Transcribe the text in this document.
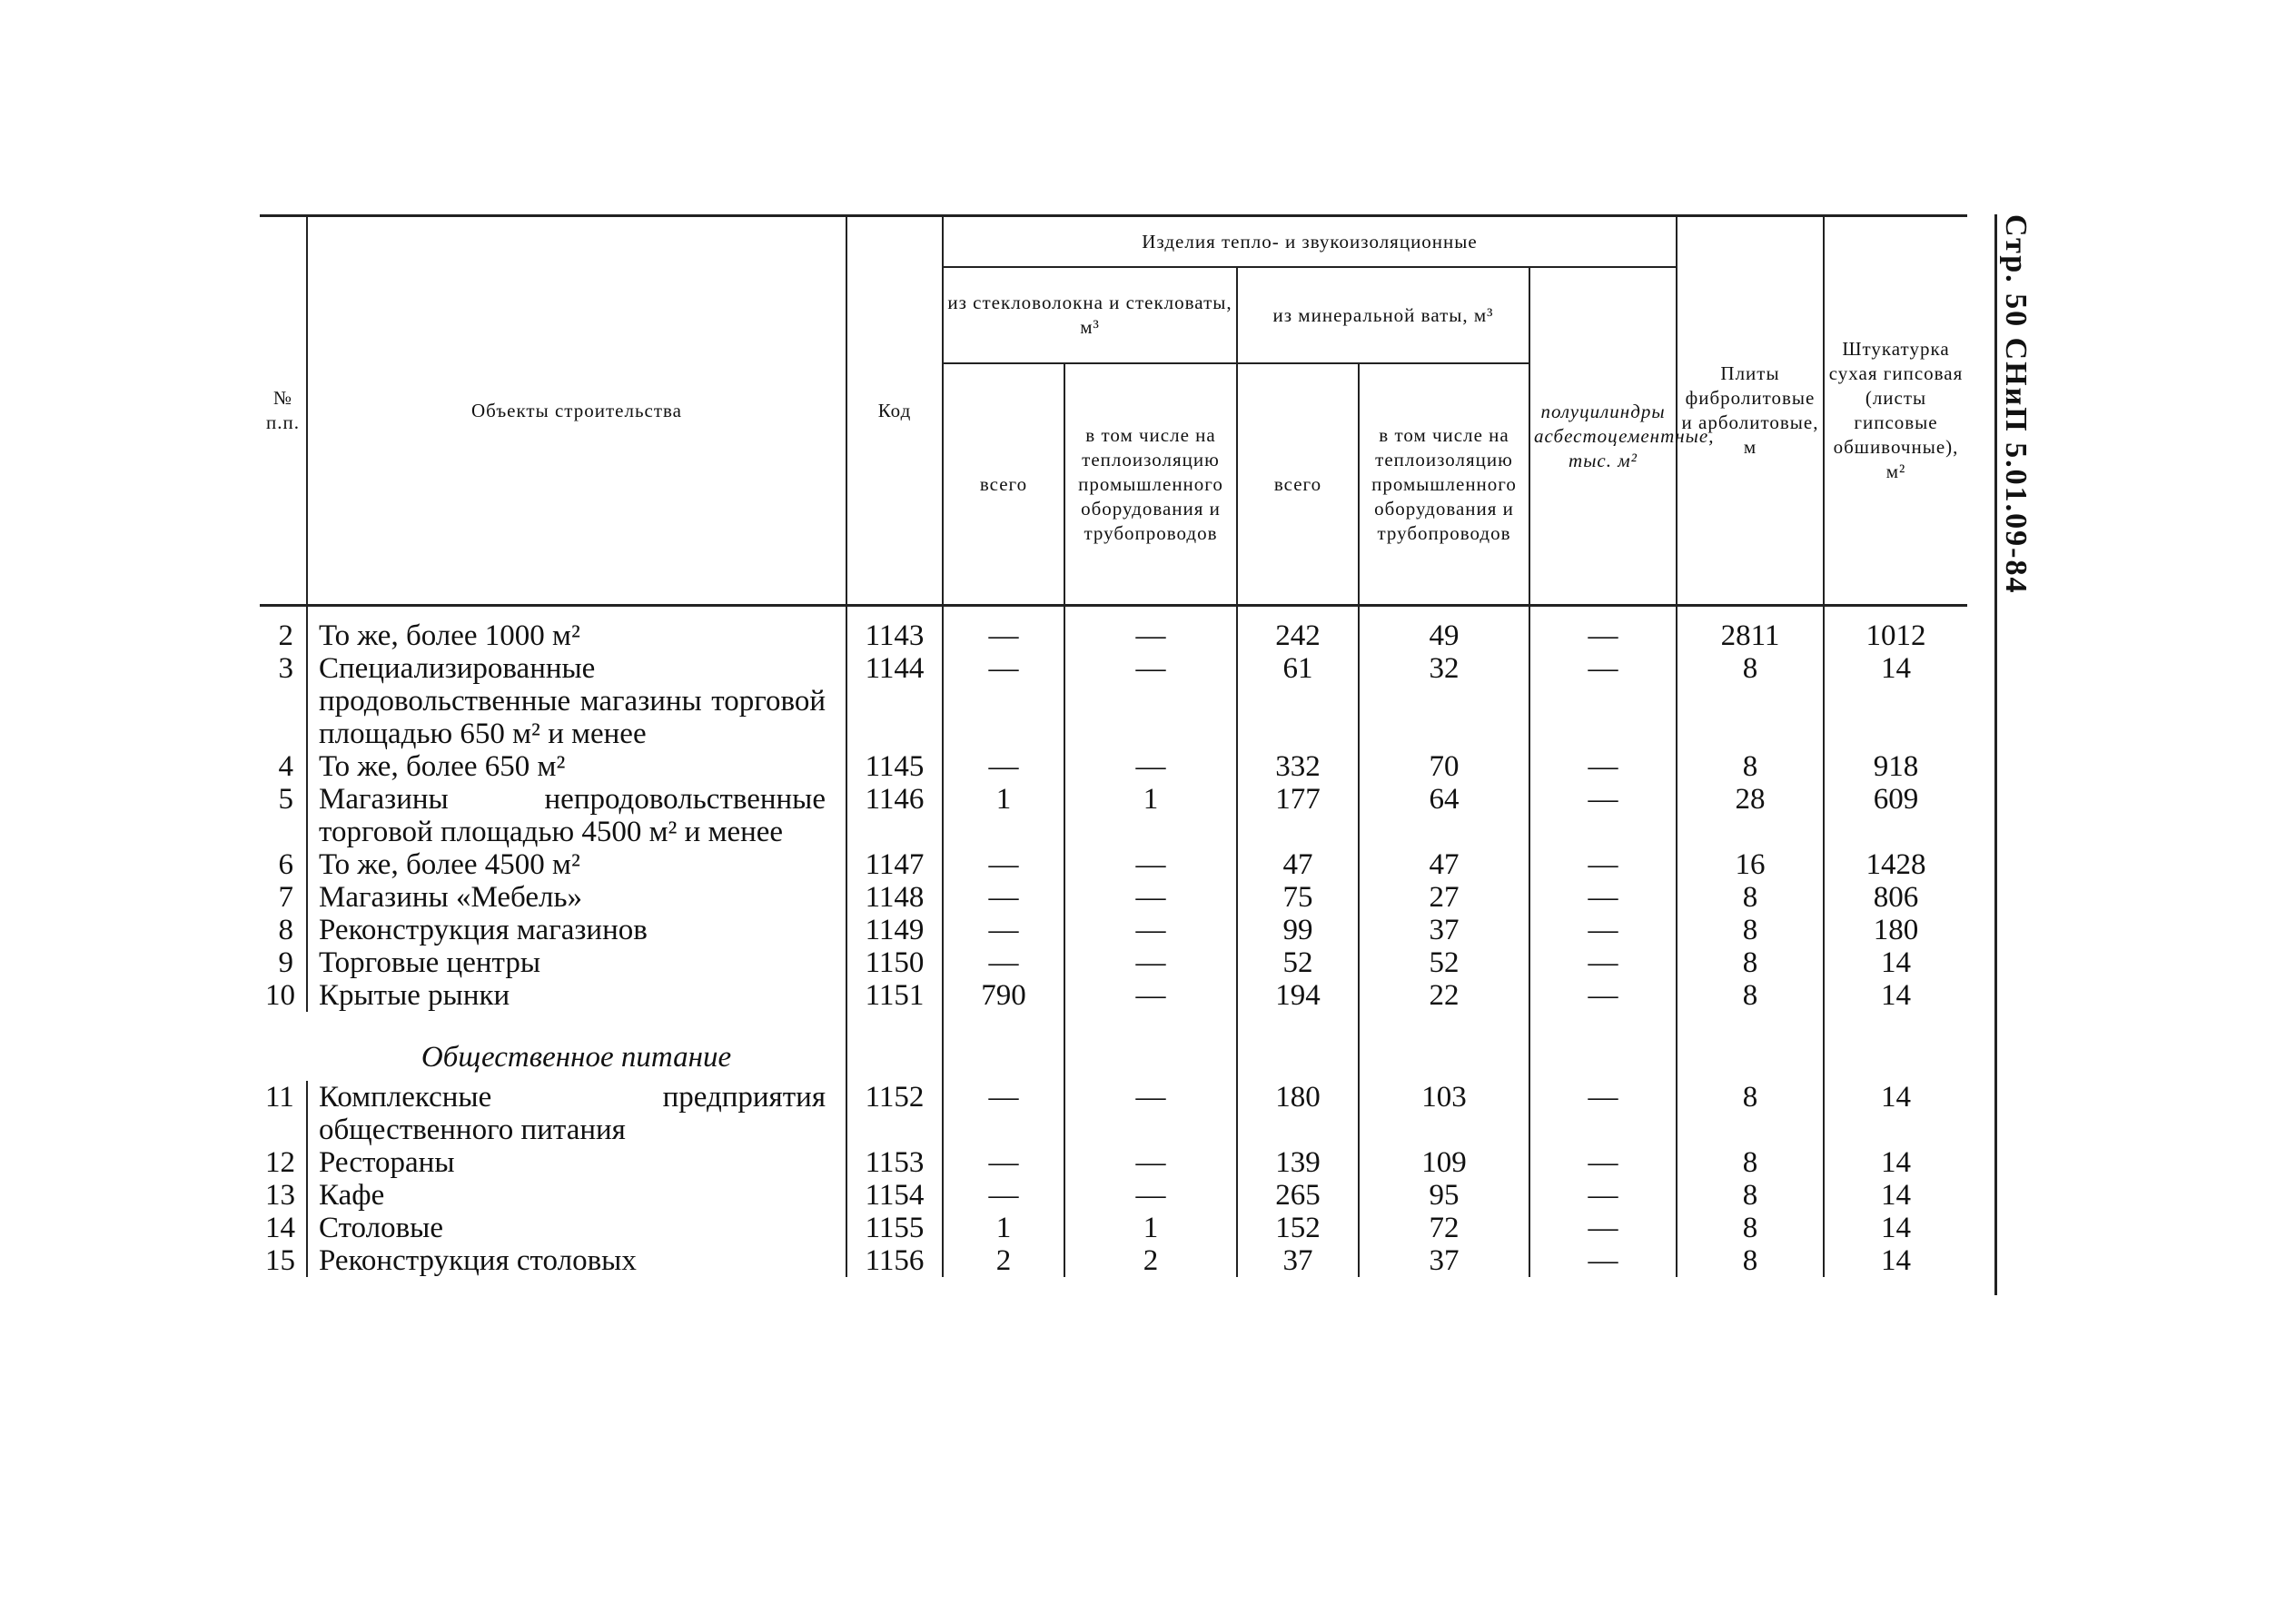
№ п.п.	Объекты строительства	Код	Изделия тепло- и звукоизоляционные					Плиты фибролитовые и арболитовые, м	Штукатурка сухая гипсовая (листы гипсовые обшивочные), м²
			из стекловолокна и стекловаты, м³		из минеральной ваты, м³		полуцилиндры асбестоцементные, тыс. м²		
			всего	в том числе на теплоизоляцию промышленного оборудования и трубопроводов	всего	в том числе на теплоизоляцию промышленного оборудования и трубопроводов			
2	То же, более 1000 м²	1143	—	—	242	49	—	2811	1012
3	Специализированные продовольственные магазины торговой площадью 650 м² и менее	1144	—	—	61	32	—	8	14
4	То же, более 650 м²	1145	—	—	332	70	—	8	918
5	Магазины непродовольственные торговой площадью 4500 м² и менее	1146	1	1	177	64	—	28	609
6	То же, более 4500 м²	1147	—	—	47	47	—	16	1428
7	Магазины «Мебель»	1148	—	—	75	27	—	8	806
8	Реконструкция магазинов	1149	—	—	99	37	—	8	180
9	Торговые центры	1150	—	—	52	52	—	8	14
10	Крытые рынки	1151	790	—	194	22	—	8	14
	Общественное питание								
11	Комплексные предприятия общественного питания	1152	—	—	180	103	—	8	14
12	Рестораны	1153	—	—	139	109	—	8	14
13	Кафе	1154	—	—	265	95	—	8	14
14	Столовые	1155	1	1	152	72	—	8	14
15	Реконструкция столовых	1156	2	2	37	37	—	8	14
Стр. 50 СНиП 5.01.09-84
